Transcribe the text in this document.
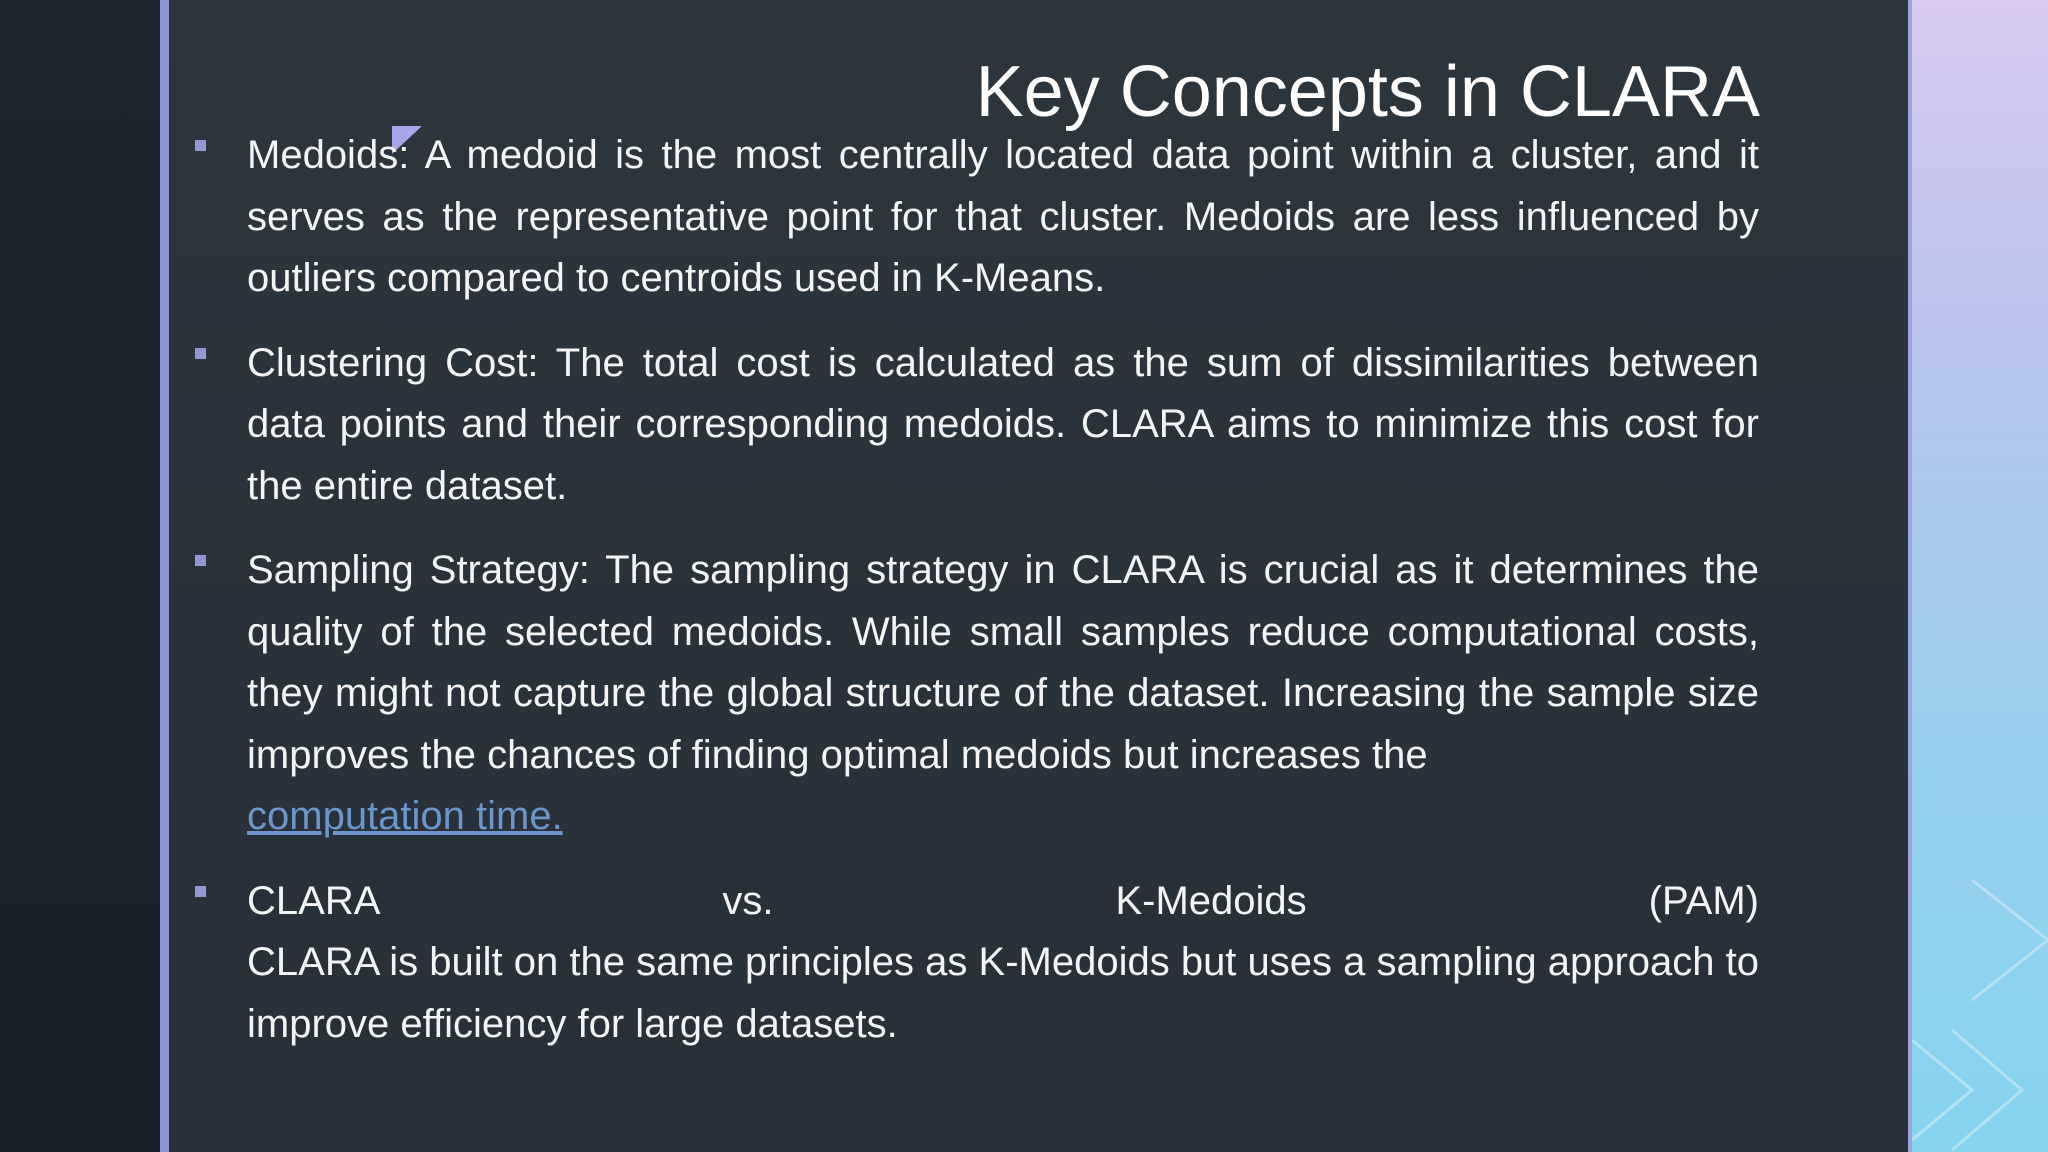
Key Concepts in CLARA
Medoids: A medoid is the most centrally located data point within a cluster, and it serves as the representative point for that cluster. Medoids are less influenced by outliers compared to centroids used in K-Means.
Clustering Cost: The total cost is calculated as the sum of dissimilarities between data points and their corresponding medoids. CLARA aims to minimize this cost for the entire dataset.
Sampling Strategy: The sampling strategy in CLARA is crucial as it determines the quality of the selected medoids. While small samples reduce computational costs, they might not capture the global structure of the dataset. Increasing the sample size improves the chances of finding optimal medoids but increases the
computation time.
CLARA	vs.	K-Medoids	(PAM)
CLARA is built on the same principles as K-Medoids but uses a sampling approach to improve efficiency for large datasets.
